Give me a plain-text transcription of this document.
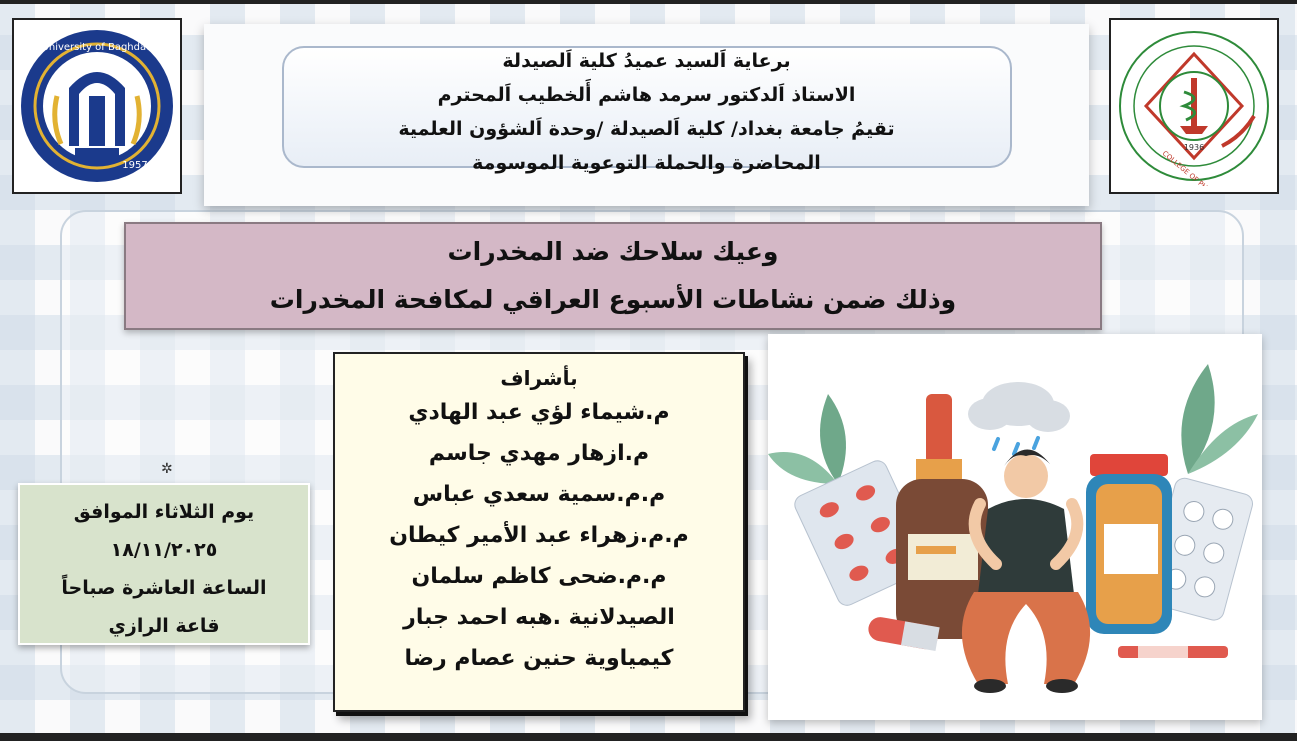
University of Baghdad
1957
1936
برعاية اَلسيد عميدُ كلية اَلصيدلة
الاستاذ اَلدكتور سرمد هاشم أَلخطيب اَلمحترم
تقيمُ جامعة بغداد/ كلية اَلصيدلة /وحدة اَلشؤون العلمية
المحاضرة والحملة التوعوية الموسومة
وعيك سلاحك ضد المخدرات
وذلك ضمن نشاطات الأسبوع العراقي لمكافحة المخدرات
بأشراف
م.شيماء لؤي عبد الهادي
م.ازهار مهدي جاسم
م.م.سمية سعدي عباس
م.م.زهراء عبد الأمير كيطان
م.م.ضحى كاظم سلمان
الصيدلانية .هبه احمد جبار
كيمياوية حنين عصام رضا
✲
يوم الثلاثاء الموافق
١٨/١١/٢٠٢٥
الساعة العاشرة صباحاً
قاعة الرازي
